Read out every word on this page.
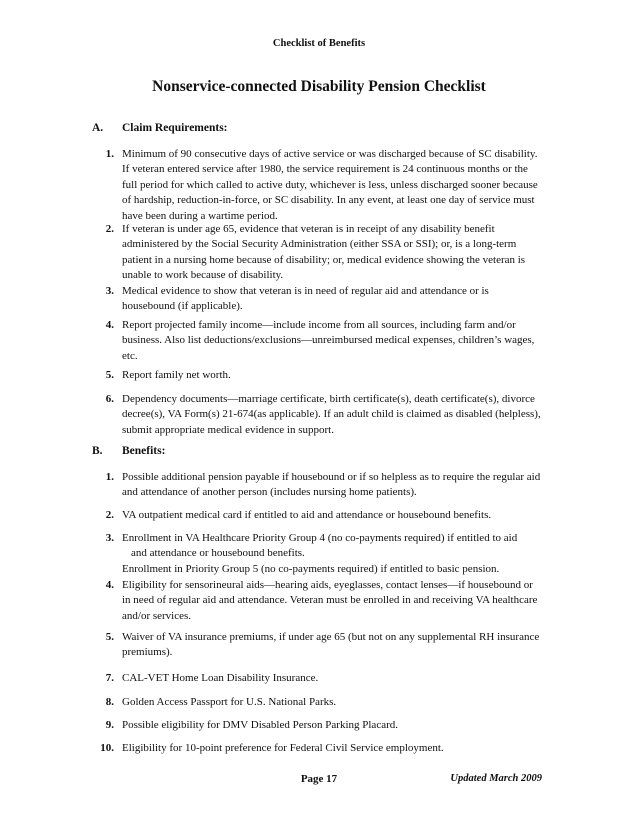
Checklist of Benefits
Nonservice-connected Disability Pension Checklist
A. Claim Requirements:
1. Minimum of 90 consecutive days of active service or was discharged because of SC disability. If veteran entered service after 1980, the service requirement is 24 continuous months or the full period for which called to active duty, whichever is less, unless discharged sooner because of hardship, reduction-in-force, or SC disability. In any event, at least one day of service must have been during a wartime period.
2. If veteran is under age 65, evidence that veteran is in receipt of any disability benefit administered by the Social Security Administration (either SSA or SSI); or, is a long-term patient in a nursing home because of disability; or, medical evidence showing the veteran is unable to work because of disability.
3. Medical evidence to show that veteran is in need of regular aid and attendance or is housebound (if applicable).
4. Report projected family income—include income from all sources, including farm and/or business. Also list deductions/exclusions—unreimbursed medical expenses, children’s wages, etc.
5. Report family net worth.
6. Dependency documents—marriage certificate, birth certificate(s), death certificate(s), divorce decree(s), VA Form(s) 21-674(as applicable). If an adult child is claimed as disabled (helpless), submit appropriate medical evidence in support.
B. Benefits:
1. Possible additional pension payable if housebound or if so helpless as to require the regular aid and attendance of another person (includes nursing home patients).
2. VA outpatient medical card if entitled to aid and attendance or housebound benefits.
3. Enrollment in VA Healthcare Priority Group 4 (no co-payments required) if entitled to aid
and attendance or housebound benefits.
Enrollment in Priority Group 5 (no co-payments required) if entitled to basic pension.
4. Eligibility for sensorineural aids—hearing aids, eyeglasses, contact lenses—if housebound or in need of regular aid and attendance. Veteran must be enrolled in and receiving VA healthcare and/or services.
5. Waiver of VA insurance premiums, if under age 65 (but not on any supplemental RH insurance premiums).
7. CAL-VET Home Loan Disability Insurance.
8. Golden Access Passport for U.S. National Parks.
9. Possible eligibility for DMV Disabled Person Parking Placard.
10. Eligibility for 10-point preference for Federal Civil Service employment.
Page 17	Updated March 2009
